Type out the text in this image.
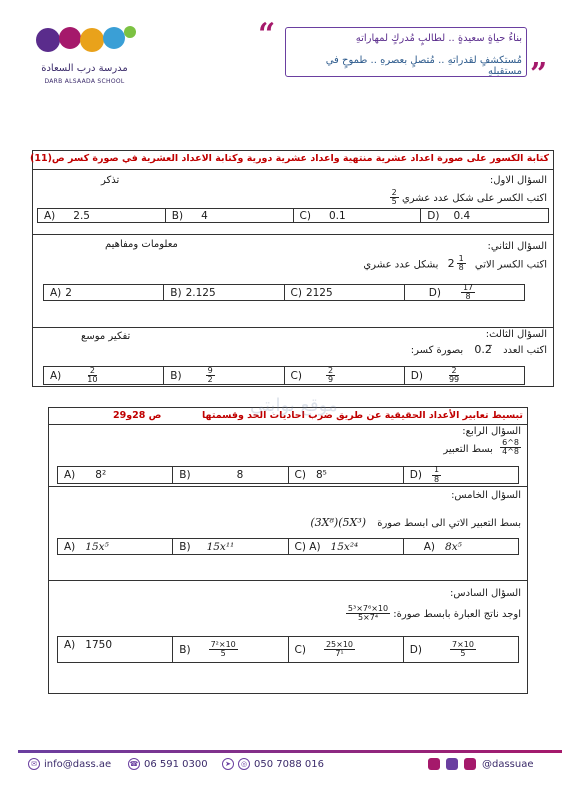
مدرسة درب السعادة
DARB ALSAADA SCHOOL
“	بناءُ حياةٍ سعيدةٍ .. لطالبٍ مُدركٍ لمهاراتهِ
مُستكشفٍ لقدراتهِ .. مُتصلٍ بعصرهِ .. طموحٍ في مستقبلهِ ”
كتابة الكسور على صورة اعداد عشرية منتهية واعداد عشرية دورية وكتابة الاعداد العشرية في صورة كسر ص(11)
السؤال الاول:
تذكر
اكتب الكسر على شكل عدد عشري
$\frac{2}{5}$
A) 2.5	B) 4	C) 0.1	D) 0.4
السؤال الثاني:
معلومات ومفاهيم
اكتب الكسر الاتي
$2 \frac{1}{8}$
بشكل عدد عشري
A) 2	B) 2.125	C) 2125	D)	$\frac{17}{8}$
السؤال الثالث:
تفكير موسع
اكتب العدد 0.2̅ بصورة كسر:
A)	$\frac{2}{10}$	B)	$\frac{9}{2}$	C)	$\frac{2}{9}$	D)	$\frac{2}{99}$
تبسيط تعابير الأعداد الحقيقية عن طريق ضرب احاديات الحد وقسمتها
ص 28و29
السؤال الرابع:
$\frac{8\^{}6}{8\^{}4}$
بسط التعبير
A) 8²	B)	8	C) 8⁵	$D) \frac{1}{8}$
السؤال الخامس:
بسط التعبير الاتي الى ابسط صورة (3X⁸)(5X³)
A) 15x⁵	B) 15x¹¹	C) A) 15x²⁴	A) 8x⁵
السؤال السادس:
اوجد ناتج العبارة بابسط صورة:
$\frac{\text{5³×7⁶×10}}{\text{5×7⁴}}$
A) 1750	$B) \frac{\text{7²×10}}{5}$	$C) \frac{25\times 10}{\text{7¹}}$	D)	$\frac{7\times 10}{5}$
موقع بوابتي
✉ info@dass.ae	☎ 06 591 0300	➤	◎ 050 7088 016	@dassuae
